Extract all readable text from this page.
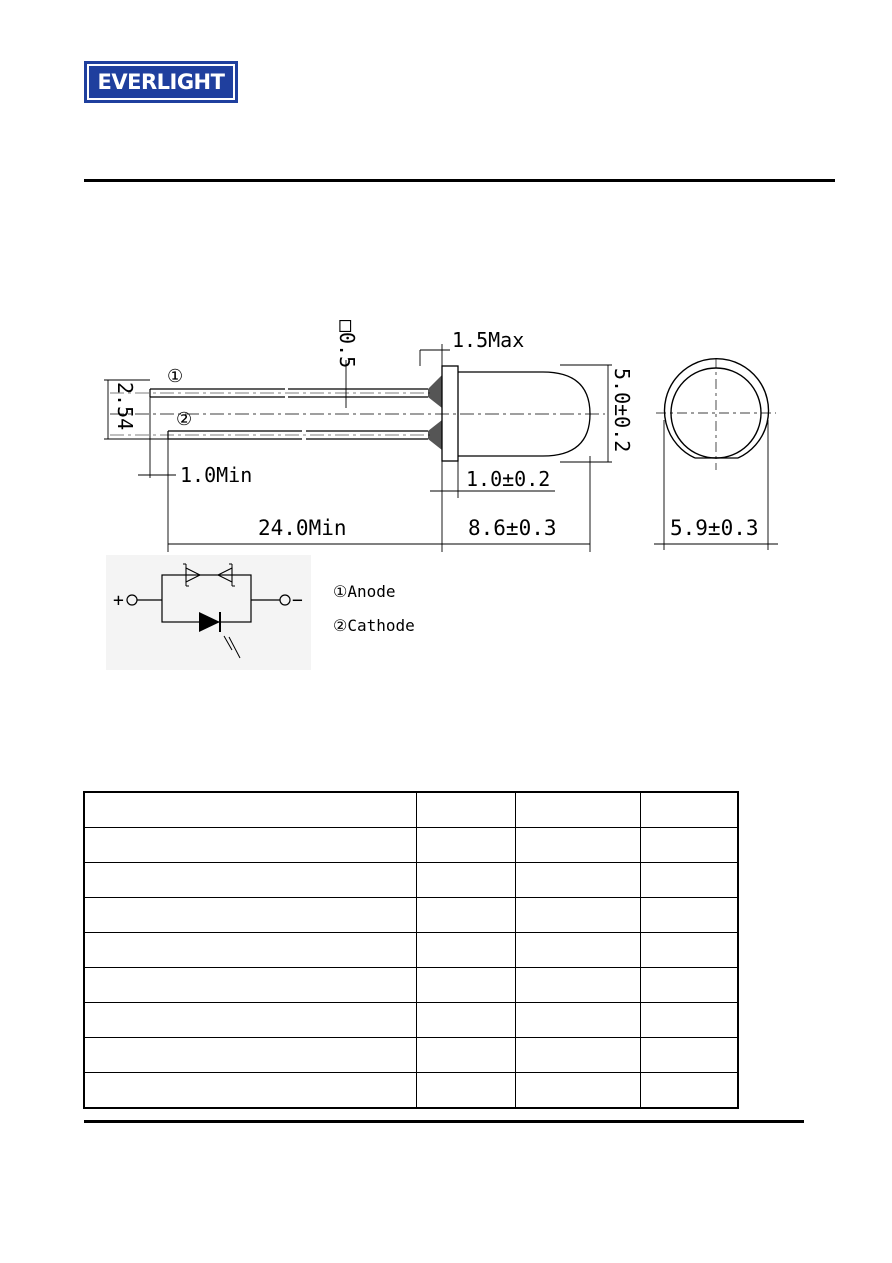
EVERLIGHT
①
②
□0.5	1.5Max
2.54
1.0Min
24.0Min	8.6±0.3
5.0±0.2
1.0±0.2
5.9±0.3
+	− ①Anode
②Cathode
